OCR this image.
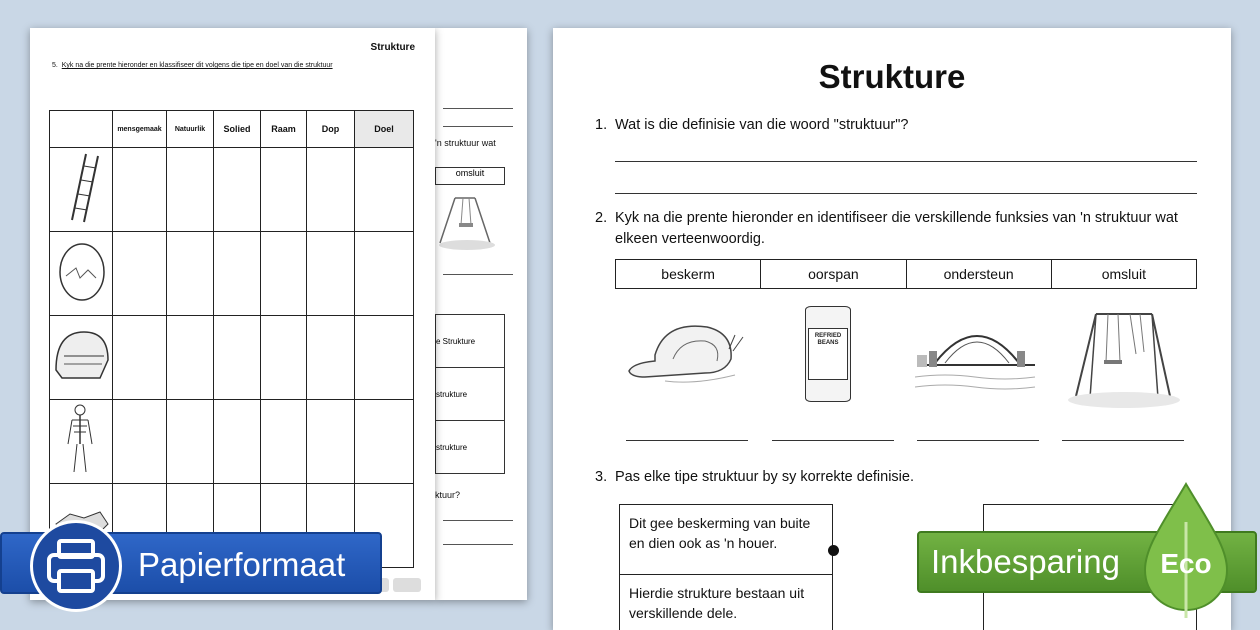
'n struktuur wat
omsluit
e Strukture
strukture
strukture
ktuur?
Strukture
5. Kyk na die prente hieronder en klassifiseer dit volgens die tipe en doel van die struktuur
	mensgemaak	Natuurlik	Solied	Raam	Dop	Doel

Strukture
1. Wat is die definisie van die woord "struktuur"?
2. Kyk na die prente hieronder en identifiseer die verskillende funksies van 'n struktuur wat elkeen verteenwoordig.
beskerm	oorspan	ondersteun	omsluit
REFRIED BEANS
3. Pas elke tipe struktuur by sy korrekte definisie.
Dit gee beskerming van buite en dien ook as 'n houer.
Hierdie strukture bestaan uit verskillende dele.
Papierformaat	Inkbesparing	Eco
